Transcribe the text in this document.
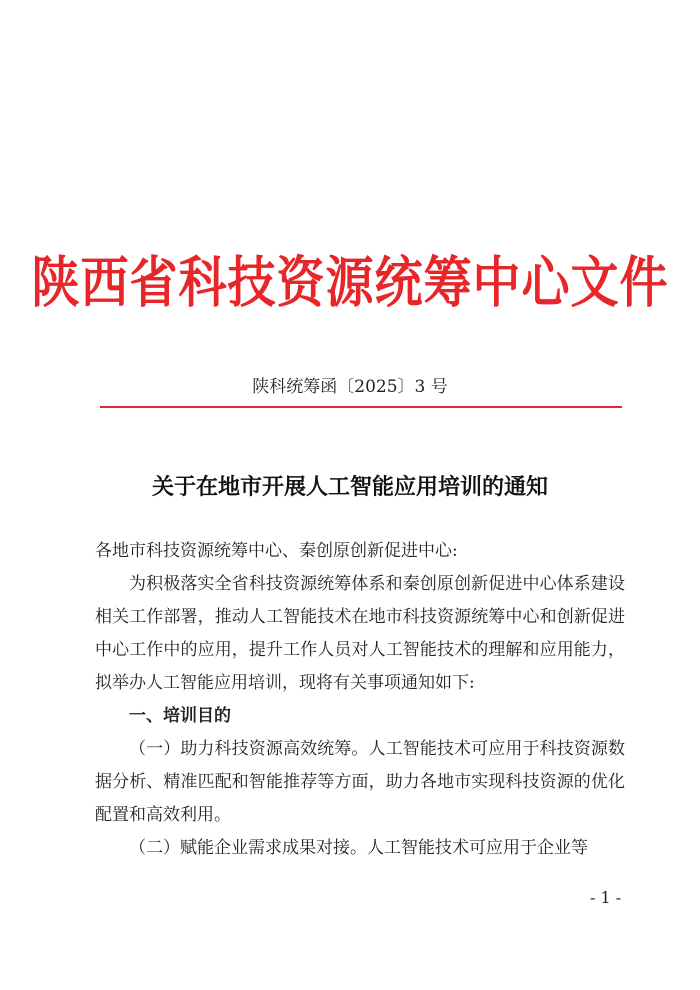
陕西省科技资源统筹中心文件
陕科统筹函〔2025〕3 号
关于在地市开展人工智能应用培训的通知

各地市科技资源统筹中心、秦创原创新促进中心:

为积极落实全省科技资源统筹体系和秦创原创新促进中心体系建设相关工作部署，推动人工智能技术在地市科技资源统筹中心和创新促进中心工作中的应用，提升工作人员对人工智能技术的理解和应用能力，拟举办人工智能应用培训，现将有关事项通知如下:

一、培训目的

（一）助力科技资源高效统筹。人工智能技术可应用于科技资源数据分析、精准匹配和智能推荐等方面，助力各地市实现科技资源的优化配置和高效利用。

（二）赋能企业需求成果对接。人工智能技术可应用于企业等

- 1 -
